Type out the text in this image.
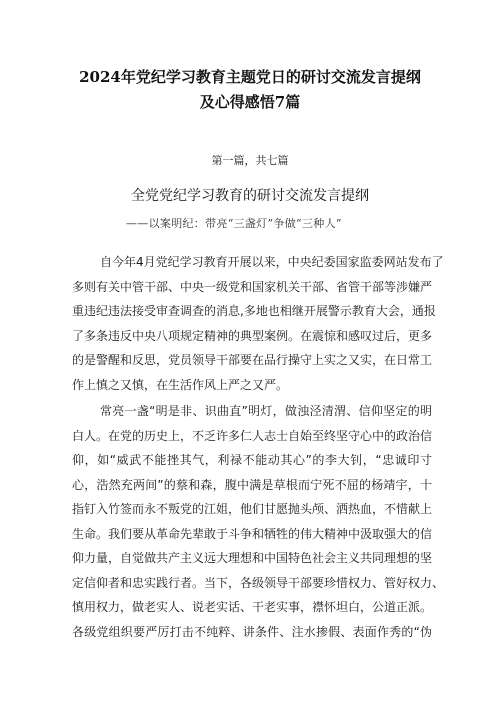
2024年党纪学习教育主题党日的研讨交流发言提纲
及心得感悟7篇
第一篇，共七篇
全党党纪学习教育的研讨交流发言提纲
——以案明纪：带亮“三盏灯”争做“三种人”
自今年4月党纪学习教育开展以来，中央纪委国家监委网站发布了
多则有关中管干部、中央一级党和国家机关干部、省管干部等涉嫌严
重违纪违法接受审查调查的消息,多地也相继开展警示教育大会，通报
了多条违反中央八项规定精神的典型案例。在震惊和感叹过后，更多
的是警醒和反思，党员领导干部要在品行操守上实之又实，在日常工
作上慎之又慎，在生活作风上严之又严。
常亮一盏“明是非、识曲直”明灯，做浊泾清渭、信仰坚定的明
白人。在党的历史上，不乏许多仁人志士自始至终坚守心中的政治信
仰，如“威武不能挫其气，利禄不能动其心”的李大钊，“忠诚印寸
心，浩然充两间”的蔡和森，腹中满是草根而宁死不屈的杨靖宇，十
指钉入竹签而永不叛党的江姐，他们甘愿抛头颅、洒热血，不惜献上
生命。我们要从革命先辈敢于斗争和牺牲的伟大精神中汲取强大的信
仰力量，自觉做共产主义远大理想和中国特色社会主义共同理想的坚
定信仰者和忠实践行者。当下，各级领导干部要珍惜权力、管好权力、
慎用权力，做老实人、说老实话、干老实事，襟怀坦白，公道正派。
各级党组织要严厉打击不纯粹、讲条件、注水掺假、表面作秀的“伪
